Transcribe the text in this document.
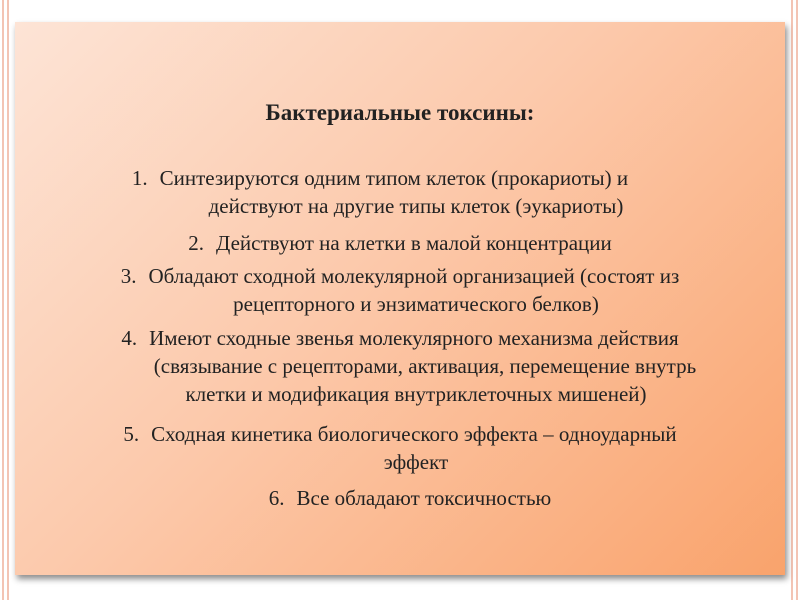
Бактериальные токсины:
1. Синтезируются одним типом клеток (прокариоты) и
действуют на другие типы клеток (эукариоты)
2. Действуют на клетки в малой концентрации
3. Обладают сходной молекулярной организацией (состоят из
рецепторного и энзиматического белков)
4. Имеют сходные звенья молекулярного механизма действия
(связывание с рецепторами, активация, перемещение внутрь
клетки и модификация внутриклеточных мишеней)
5. Сходная кинетика биологического эффекта – одноударный
эффект
6. Все обладают токсичностью
